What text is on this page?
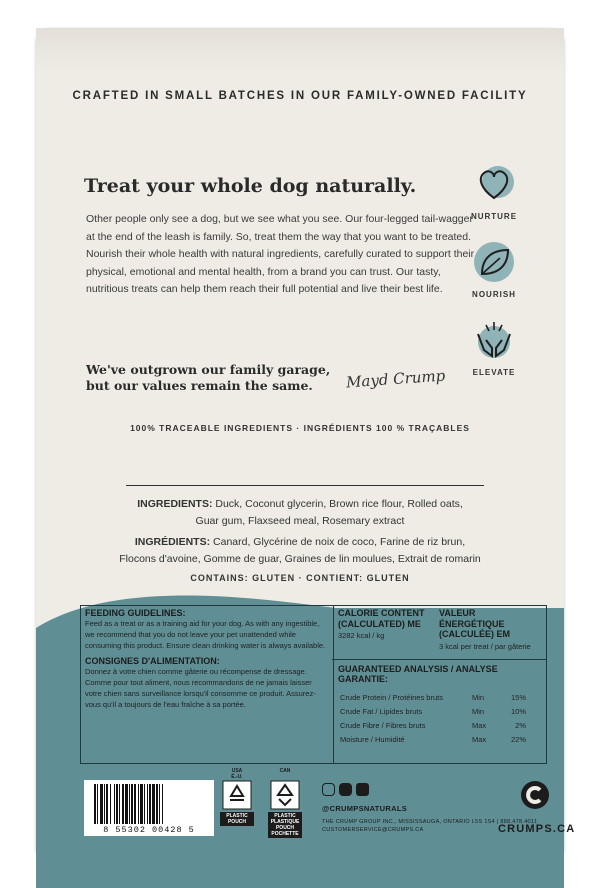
CRAFTED IN SMALL BATCHES IN OUR FAMILY-OWNED FACILITY
Treat your whole dog naturally.
Other people only see a dog, but we see what you see. Our four-legged tail-wagger at the end of the leash is family. So, treat them the way that you want to be treated. Nourish their whole health with natural ingredients, carefully curated to support their physical, emotional and mental health, from a brand you can trust. Our tasty, nutritious treats can help them reach their full potential and live their best life.
We've outgrown our family garage,
but our values remain the same.	Mayd Crump
NURTURE
NOURISH
ELEVATE
100% TRACEABLE INGREDIENTS · INGRÉDIENTS 100 % TRAÇABLES
INGREDIENTS: Duck, Coconut glycerin, Brown rice flour, Rolled oats,
Guar gum, Flaxseed meal, Rosemary extract
INGRÉDIENTS: Canard, Glycérine de noix de coco, Farine de riz brun,
Flocons d'avoine, Gomme de guar, Graines de lin moulues, Extrait de romarin
CONTAINS: GLUTEN · CONTIENT: GLUTEN
FEEDING GUIDELINES:
Feed as a treat or as a training aid for your dog. As with any ingestible, we recommend that you do not leave your pet unattended while consuming this product. Ensure clean drinking water is always available.
CONSIGNES D'ALIMENTATION:
Donnez à votre chien comme gâterie ou récompense de dressage. Comme pour tout aliment, nous recommandons de ne jamais laisser votre chien sans surveillance lorsqu'il consomme ce produit. Assurez-vous qu'il a toujours de l'eau fraîche à sa portée.
CALORIE CONTENT (CALCULATED) ME
3282 kcal / kg
VALEUR ÉNERGÉTIQUE (CALCULÉE) EM
3 kcal per treat / par gâterie
GUARANTEED ANALYSIS / ANALYSE GARANTIE:
Crude Protein / Protéines bruts	Min	15%
Crude Fat / Lipides bruts	Min	10%
Crude Fibre / Fibres bruts	Max	2%
Moisture / Humidité	Max	22%
8 55302 00428 5
USA
É.-U.
PLASTIC POUCH
CAN
PLASTIC PLASTIQUE POUCH POCHETTE
@CRUMPSNATURALS
THE CRUMP GROUP INC., MISSISSAUGA, ONTARIO L5S 1S4 | 888.478.4011
CUSTOMERSERVICE@CRUMPS.CA	CRUMPS.CA
